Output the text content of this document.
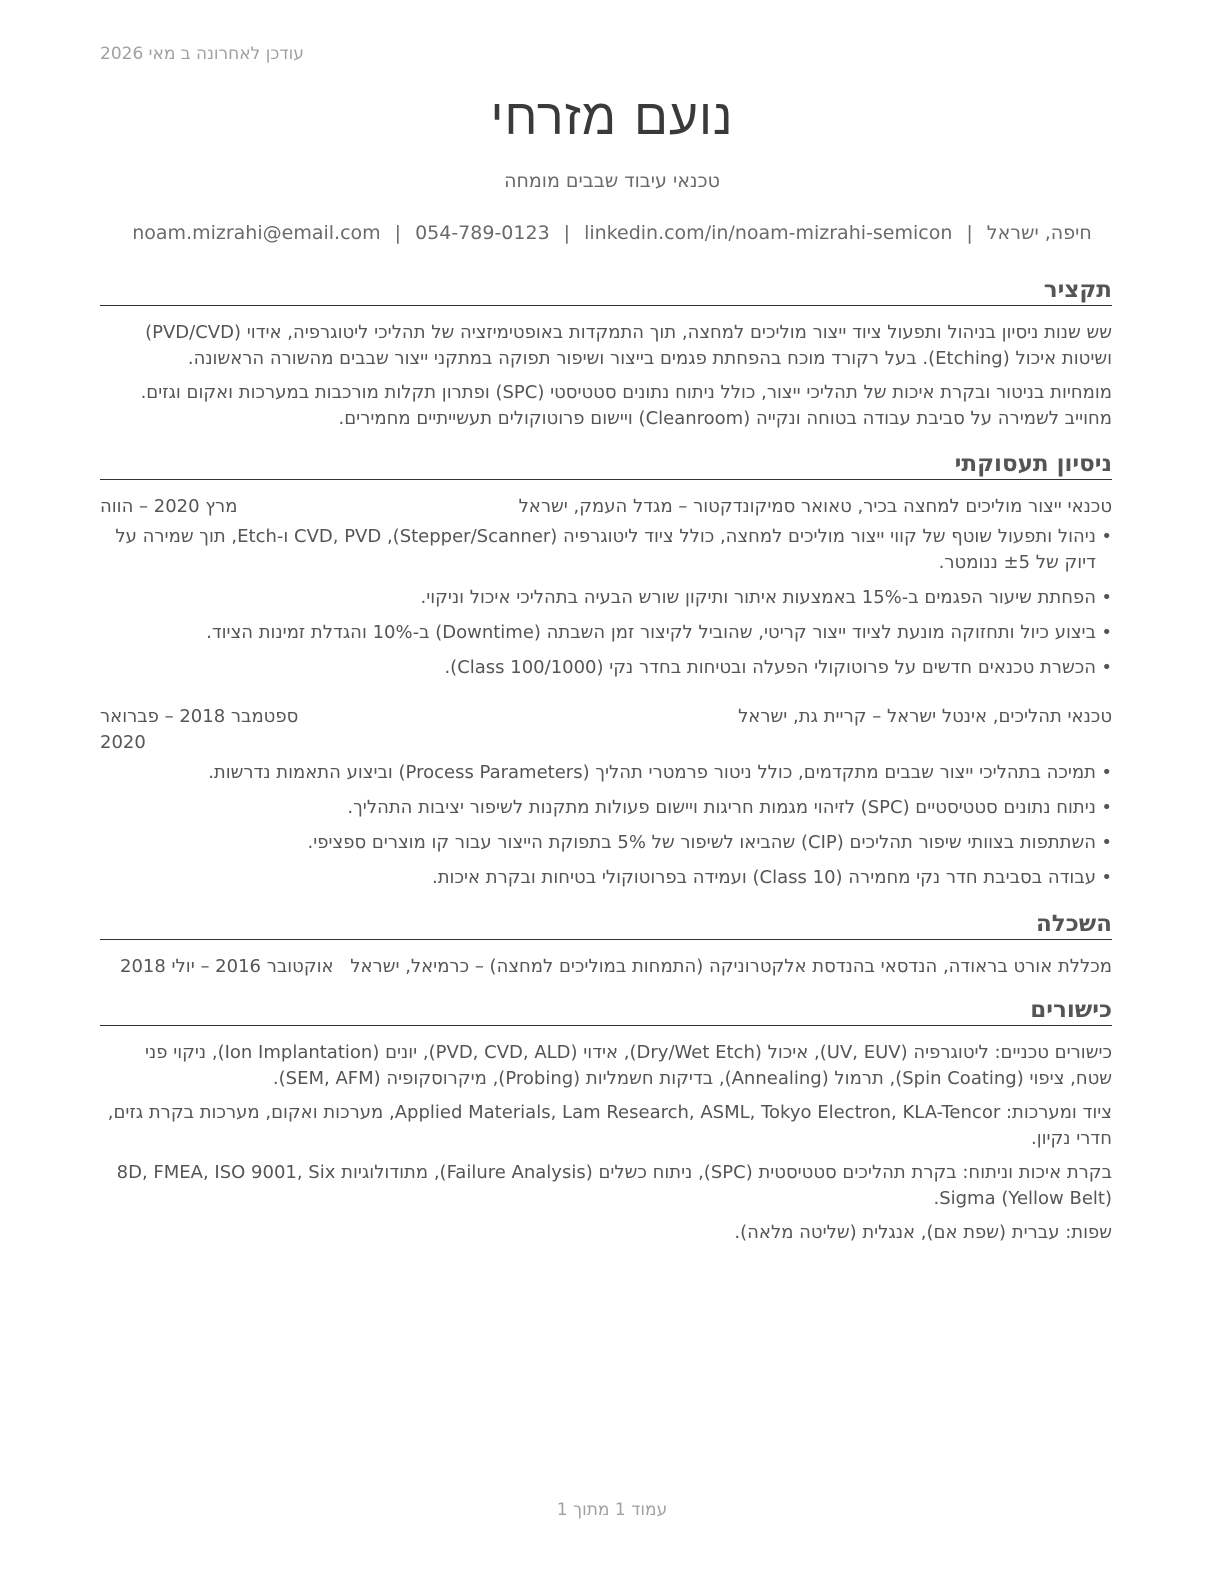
עודכן לאחרונה ב מאי 2026
נועם מזרחי
טכנאי עיבוד שבבים מומחה
חיפה, ישראל|noam.mizrahi@email.com | 054-789-0123 | linkedin.com/in/noam-mizrahi-semicon
תקציר

שש שנות ניסיון בניהול ותפעול ציוד ייצור מוליכים למחצה, תוך התמקדות באופטימיזציה של תהליכי ליטוגרפיה, אידוי (PVD/CVD) ושיטות איכול (Etching). בעל רקורד מוכח בהפחתת פגמים בייצור ושיפור תפוקה במתקני ייצור שבבים מהשורה הראשונה.

מומחיות בניטור ובקרת איכות של תהליכי ייצור, כולל ניתוח נתונים סטטיסטי (SPC) ופתרון תקלות מורכבות במערכות ואקום וגזים. מחוייב לשמירה על סביבת עבודה בטוחה ונקייה (Cleanroom) ויישום פרוטוקולים תעשייתיים מחמירים.

ניסיון תעסוקתי
טכנאי ייצור מוליכים למחצה בכיר, טאואר סמיקונדקטור – מגדל העמק, ישראל
מרץ 2020 – הווה
• ניהול ותפעול שוטף של קווי ייצור מוליכים למחצה, כולל ציוד ליטוגרפיה (Stepper/Scanner), CVD, PVD ו-Etch, תוך שמירה על דיוק של ±5 ננומטר.
• הפחתת שיעור הפגמים ב-15% באמצעות איתור ותיקון שורש הבעיה בתהליכי איכול וניקוי.
• ביצוע כיול ותחזוקה מונעת לציוד ייצור קריטי, שהוביל לקיצור זמן השבתה (Downtime) ב-10% והגדלת זמינות הציוד.
• הכשרת טכנאים חדשים על פרוטוקולי הפעלה ובטיחות בחדר נקי (Class 100/1000).
טכנאי תהליכים, אינטל ישראל – קריית גת, ישראל
ספטמבר 2018 – פברואר 2020
• תמיכה בתהליכי ייצור שבבים מתקדמים, כולל ניטור פרמטרי תהליך (Process Parameters) וביצוע התאמות נדרשות.
• ניתוח נתונים סטטיסטיים (SPC) לזיהוי מגמות חריגות ויישום פעולות מתקנות לשיפור יציבות התהליך.
• השתתפות בצוותי שיפור תהליכים (CIP) שהביאו לשיפור של 5% בתפוקת הייצור עבור קו מוצרים ספציפי.
• עבודה בסביבת חדר נקי מחמירה (Class 10) ועמידה בפרוטוקולי בטיחות ובקרת איכות.
השכלה
מכללת אורט בראודה, הנדסאי בהנדסת אלקטרוניקה (התמחות במוליכים למחצה) – כרמיאל, ישראל
אוקטובר 2016 – יולי 2018
כישורים
כישורים טכניים: ליטוגרפיה (UV, EUV), איכול (Dry/Wet Etch), אידוי (PVD, CVD, ALD), יונים (Ion Implantation), ניקוי פני שטח, ציפוי (Spin Coating), תרמול (Annealing), בדיקות חשמליות (Probing), מיקרוסקופיה (SEM, AFM).
ציוד ומערכות: Applied Materials, Lam Research, ASML, Tokyo Electron, KLA-Tencor, מערכות ואקום, מערכות בקרת גזים, חדרי נקיון.
בקרת איכות וניתוח: בקרת תהליכים סטטיסטית (SPC), ניתוח כשלים (Failure Analysis), מתודולוגיות 8D, FMEA, ISO 9001, Six Sigma (Yellow Belt).
שפות: עברית (שפת אם), אנגלית (שליטה מלאה).
עמוד 1 מתוך 1
